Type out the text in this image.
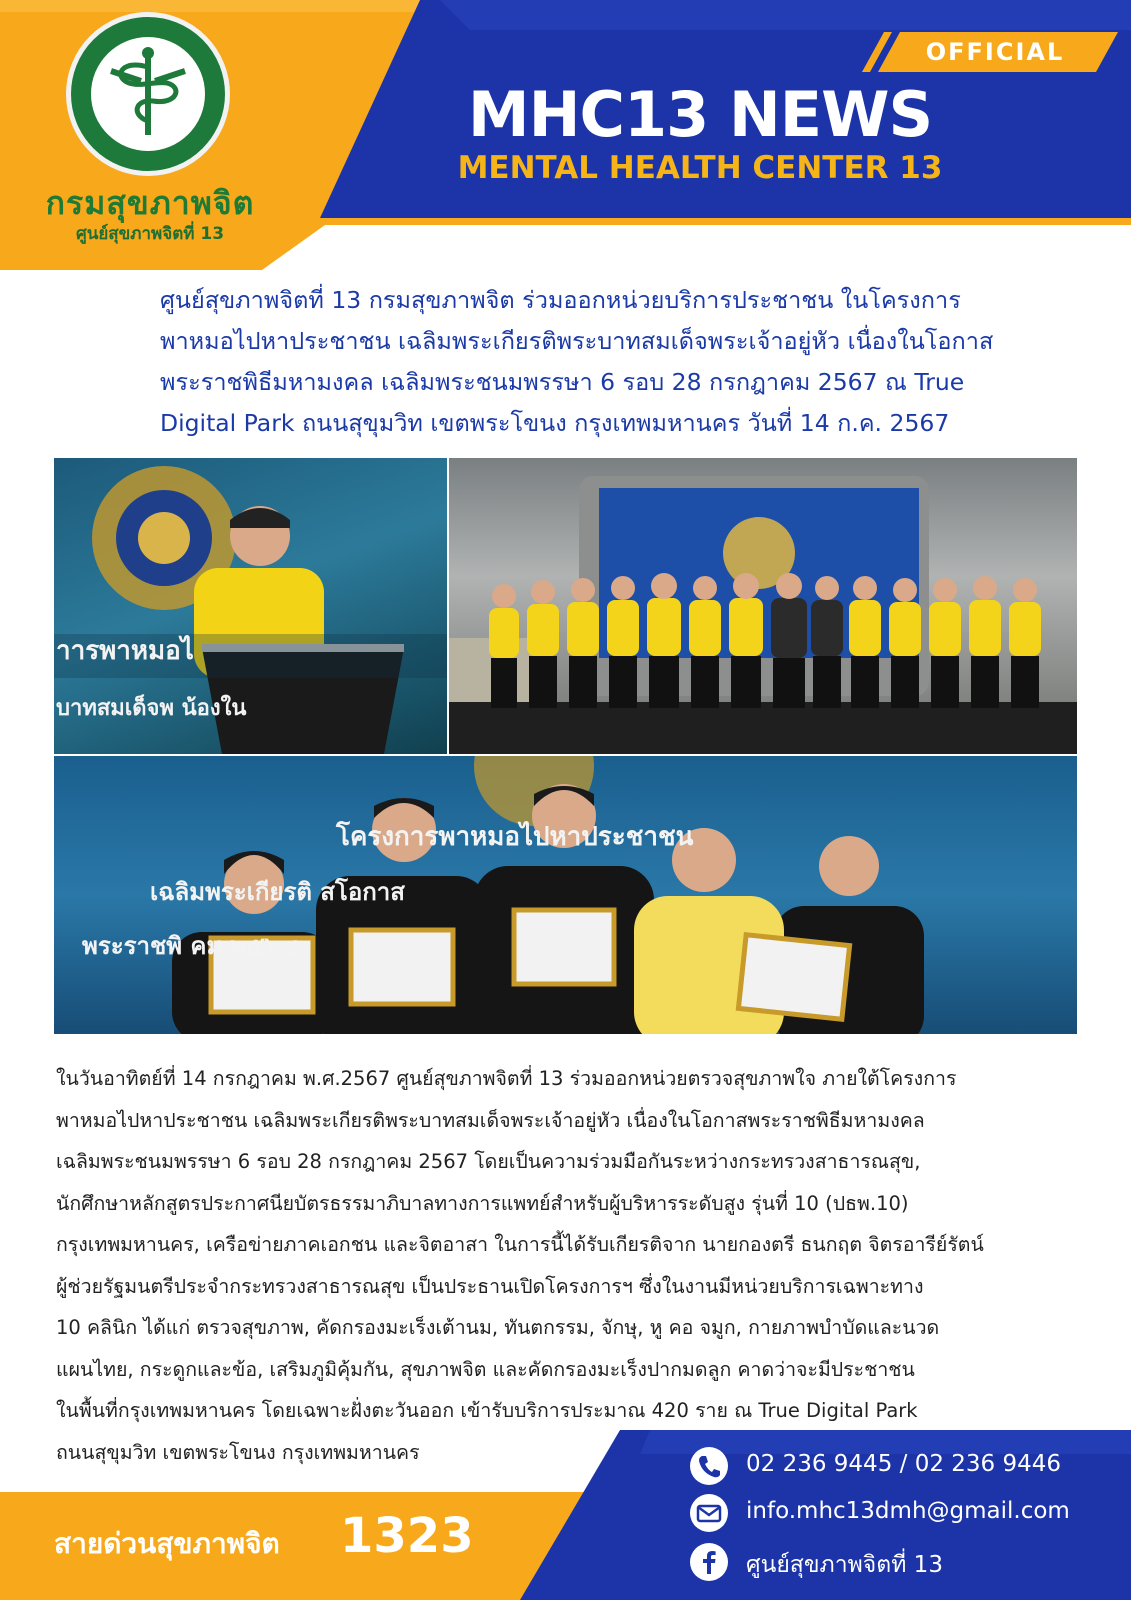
กรมสุขภาพจิต
ศูนย์สุขภาพจิตที่ 13
OFFICIAL
MHC13 NEWS
MENTAL HEALTH CENTER 13
ศูนย์สุขภาพจิตที่ 13 กรมสุขภาพจิต ร่วมออกหน่วยบริการประชาชน ในโครงการ
พาหมอไปหาประชาชน เฉลิมพระเกียรติพระบาทสมเด็จพระเจ้าอยู่หัว เนื่องในโอกาส
พระราชพิธีมหามงคล เฉลิมพระชนมพรรษา 6 รอบ 28 กรกฎาคม 2567 ณ True
Digital Park ถนนสุขุมวิท เขตพระโขนง กรุงเทพมหานคร วันที่ 14 ก.ค. 2567
าารพาหมอไ
บาทสมเด็จพ น้องใน
โครงการพาหมอไปหาประชาชน
เฉลิมพระเกียรติ สโอกาส
พระราชพิ คม ๒๕๖๗
ในวันอาทิตย์ที่ 14 กรกฎาคม พ.ศ.2567 ศูนย์สุขภาพจิตที่ 13 ร่วมออกหน่วยตรวจสุขภาพใจ ภายใต้โครงการ
พาหมอไปหาประชาชน เฉลิมพระเกียรติพระบาทสมเด็จพระเจ้าอยู่หัว เนื่องในโอกาสพระราชพิธีมหามงคล
เฉลิมพระชนมพรรษา 6 รอบ 28 กรกฎาคม 2567 โดยเป็นความร่วมมือกันระหว่างกระทรวงสาธารณสุข,
นักศึกษาหลักสูตรประกาศนียบัตรธรรมาภิบาลทางการแพทย์สำหรับผู้บริหารระดับสูง รุ่นที่ 10 (ปธพ.10)
กรุงเทพมหานคร, เครือข่ายภาคเอกชน และจิตอาสา ในการนี้ได้รับเกียรติจาก นายกองตรี ธนกฤต จิตรอารีย์รัตน์
ผู้ช่วยรัฐมนตรีประจำกระทรวงสาธารณสุข เป็นประธานเปิดโครงการฯ ซึ่งในงานมีหน่วยบริการเฉพาะทาง
10 คลินิก ได้แก่ ตรวจสุขภาพ, คัดกรองมะเร็งเต้านม, ทันตกรรม, จักษุ, หู คอ จมูก, กายภาพบำบัดและนวด
แผนไทย, กระดูกและข้อ, เสริมภูมิคุ้มกัน, สุขภาพจิต และคัดกรองมะเร็งปากมดลูก คาดว่าจะมีประชาชน
ในพื้นที่กรุงเทพมหานคร โดยเฉพาะฝั่งตะวันออก เข้ารับบริการประมาณ 420 ราย ณ True Digital Park
ถนนสุขุมวิท เขตพระโขนง กรุงเทพมหานคร
สายด่วนสุขภาพจิต 1323
02 236 9445 / 02 236 9446
info.mhc13dmh@gmail.com
ศูนย์สุขภาพจิตที่ 13
